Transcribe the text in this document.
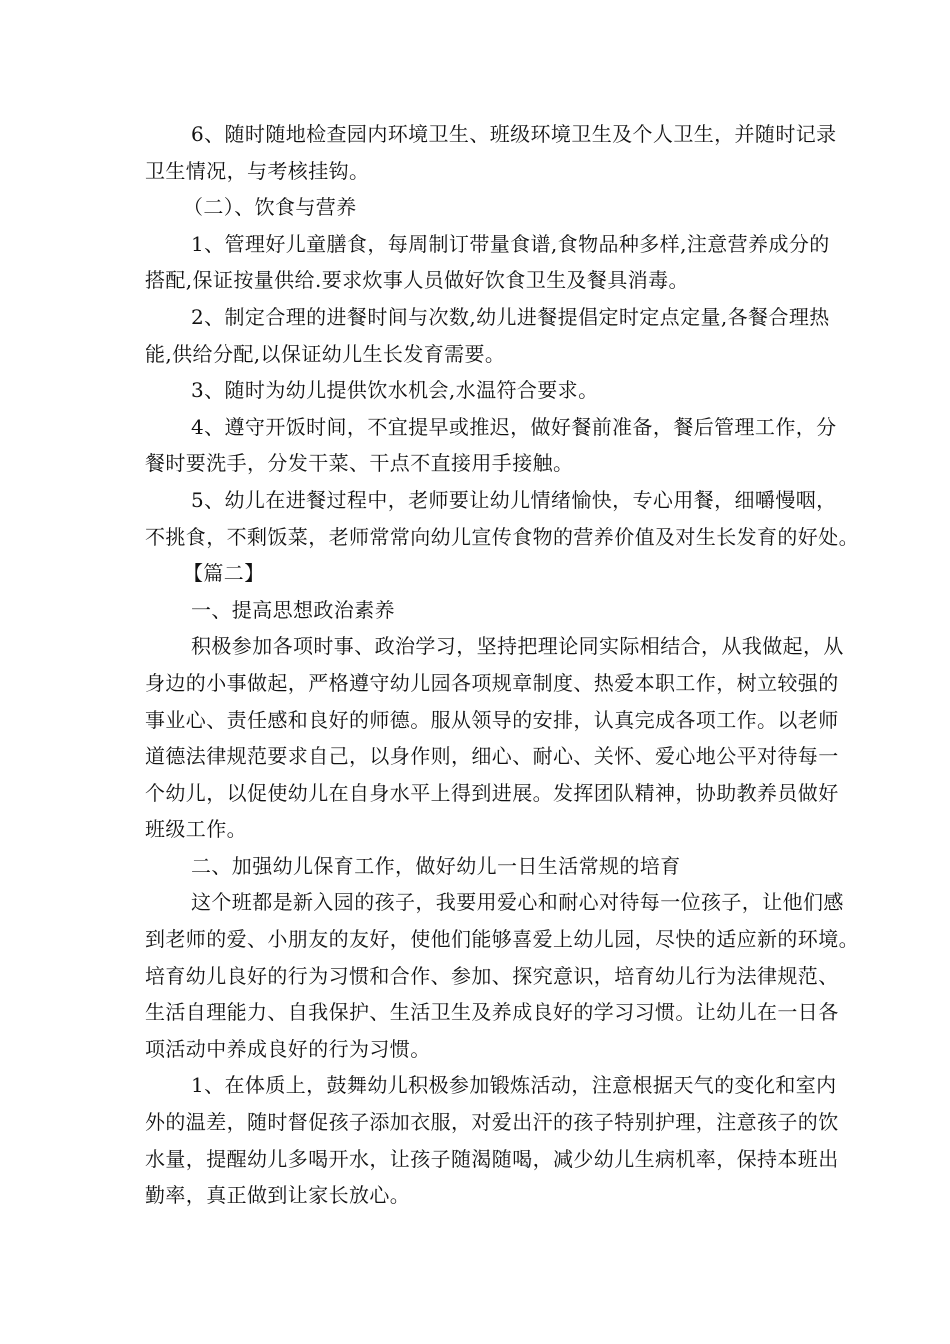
6、随时随地检查园内环境卫生、班级环境卫生及个人卫生，并随时记录
卫生情况，与考核挂钩。
（二）、饮食与营养
1、管理好儿童膳食，每周制订带量食谱,食物品种多样,注意营养成分的
搭配,保证按量供给.要求炊事人员做好饮食卫生及餐具消毒。
2、制定合理的进餐时间与次数,幼儿进餐提倡定时定点定量,各餐合理热
能,供给分配,以保证幼儿生长发育需要。
3、随时为幼儿提供饮水机会,水温符合要求。
4、遵守开饭时间，不宜提早或推迟，做好餐前准备，餐后管理工作，分
餐时要洗手，分发干菜、干点不直接用手接触。
5、幼儿在进餐过程中，老师要让幼儿情绪愉快，专心用餐，细嚼慢咽，
不挑食，不剩饭菜，老师常常向幼儿宣传食物的营养价值及对生长发育的好处。
【篇二】
一、提高思想政治素养
积极参加各项时事、政治学习，坚持把理论同实际相结合，从我做起，从
身边的小事做起，严格遵守幼儿园各项规章制度、热爱本职工作，树立较强的
事业心、责任感和良好的师德。服从领导的安排，认真完成各项工作。以老师
道德法律规范要求自己，以身作则，细心、耐心、关怀、爱心地公平对待每一
个幼儿，以促使幼儿在自身水平上得到进展。发挥团队精神，协助教养员做好
班级工作。
二、加强幼儿保育工作，做好幼儿一日生活常规的培育
这个班都是新入园的孩子，我要用爱心和耐心对待每一位孩子，让他们感
到老师的爱、小朋友的友好，使他们能够喜爱上幼儿园，尽快的适应新的环境。
培育幼儿良好的行为习惯和合作、参加、探究意识，培育幼儿行为法律规范、
生活自理能力、自我保护、生活卫生及养成良好的学习习惯。让幼儿在一日各
项活动中养成良好的行为习惯。
1、在体质上，鼓舞幼儿积极参加锻炼活动，注意根据天气的变化和室内
外的温差，随时督促孩子添加衣服，对爱出汗的孩子特别护理，注意孩子的饮
水量，提醒幼儿多喝开水，让孩子随渴随喝，减少幼儿生病机率，保持本班出
勤率，真正做到让家长放心。
